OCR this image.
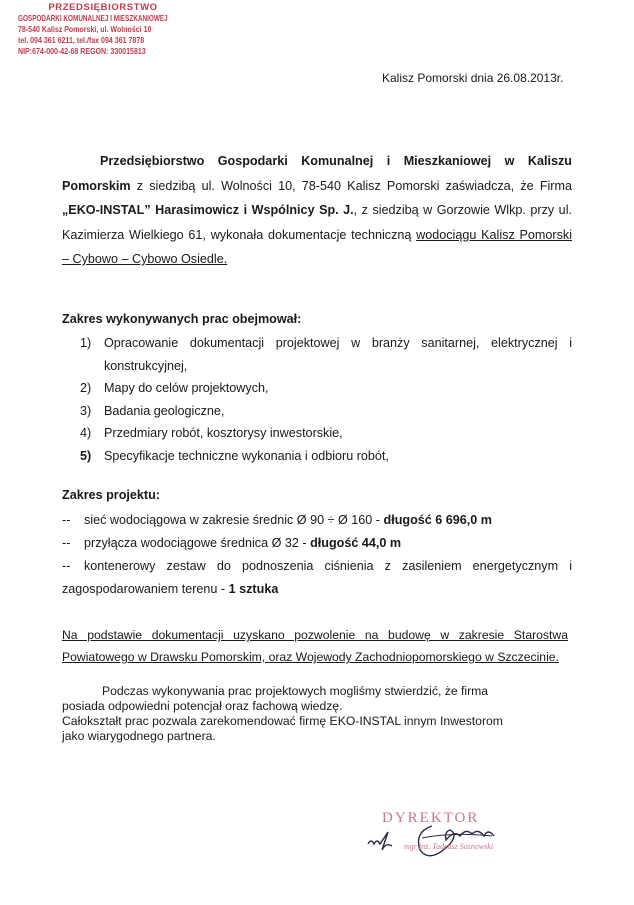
PRZEDSIĘBIORSTWO
GOSPODARKI KOMUNALNEJ I MIESZKANIOWEJ
78-540 Kalisz Pomorski, ul. Wolności 10
tel. 094 361 6211, tel./fax 094 361 7878
NIP:674-000-42-68 REGON: 330015813
Kalisz Pomorski dnia 26.08.2013r.
Przedsiębiorstwo Gospodarki Komunalnej i Mieszkaniowej w Kaliszu Pomorskim z siedzibą ul. Wolności 10, 78-540 Kalisz Pomorski zaświadcza, że Firma „EKO-INSTAL” Harasimowicz i Wspólnicy Sp. J., z siedzibą w Gorzowie Wlkp. przy ul. Kazimierza Wielkiego 61, wykonała dokumentacje techniczną wodociągu Kalisz Pomorski – Cybowo – Cybowo Osiedle.
Zakres wykonywanych prac obejmował:
1)	Opracowanie dokumentacji projektowej w branży sanitarnej, elektrycznej i konstrukcyjnej,
2)	Mapy do celów projektowych,
3)	Badania geologiczne,
4)	Przedmiary robót, kosztorysy inwestorskie,
5)	Specyfikacje techniczne wykonania i odbioru robót,
Zakres projektu:
-- sieć wodociągowa w zakresie średnic Ø 90 ÷ Ø 160 - długość 6 696,0 m
-- przyłącza wodociągowe średnica Ø 32 - długość 44,0 m
-- kontenerowy zestaw do podnoszenia ciśnienia z zasileniem energetycznym i zagospodarowaniem terenu - 1 sztuka
Na podstawie dokumentacji uzyskano pozwolenie na budowę w zakresie Starostwa Powiatowego w Drawsku Pomorskim, oraz Wojewody Zachodniopomorskiego w Szczecinie.
Podczas wykonywania prac projektowych mogliśmy stwierdzić, że firma
posiada odpowiedni potencjał oraz fachową wiedzę.
Całokształt prac pozwala zarekomendować firmę EKO-INSTAL innym Inwestorom
jako wiarygodnego partnera.
DYREKTOR
mgr inż. Tadeusz Sosnowski
